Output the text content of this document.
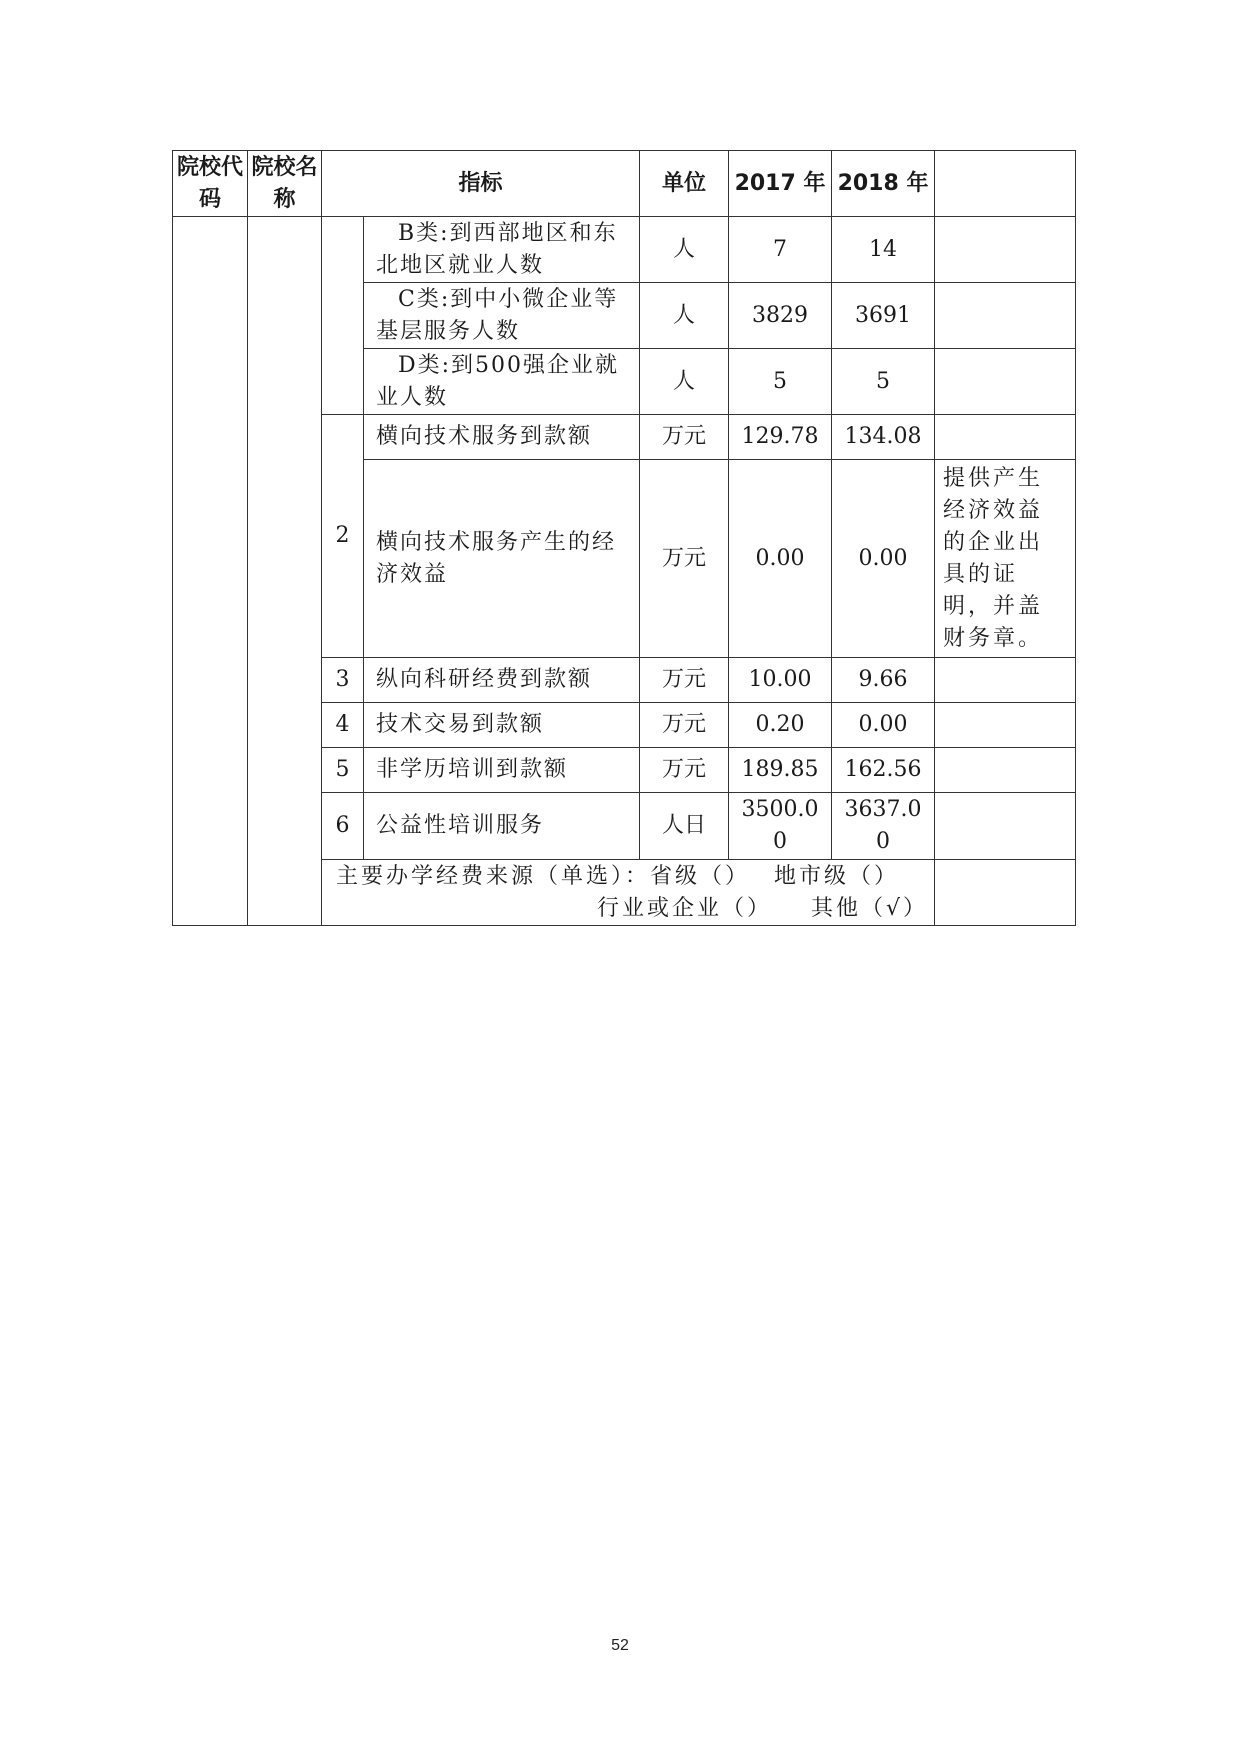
院校代码	院校名称	指标		单位	2017 年	2018 年	
			B类:到西部地区和东北地区就业人数	人	7	14	
			C类:到中小微企业等基层服务人数	人	3829	3691	
			D类:到500强企业就业人数	人	5	5	
		2	横向技术服务到款额	万元	129.78	134.08	
			横向技术服务产生的经济效益	万元	0.00	0.00	提供产生经济效益的企业出具的证明，并盖财务章。
		3	纵向科研经费到款额	万元	10.00	9.66	
		4	技术交易到款额	万元	0.20	0.00	
		5	非学历培训到款额	万元	189.85	162.56	
		6	公益性培训服务	人日	3500.00	3637.00	

		主要办学经费来源（单选）：省级（）　 地市级（）
行业或企业（）　　其他（√）					

52
